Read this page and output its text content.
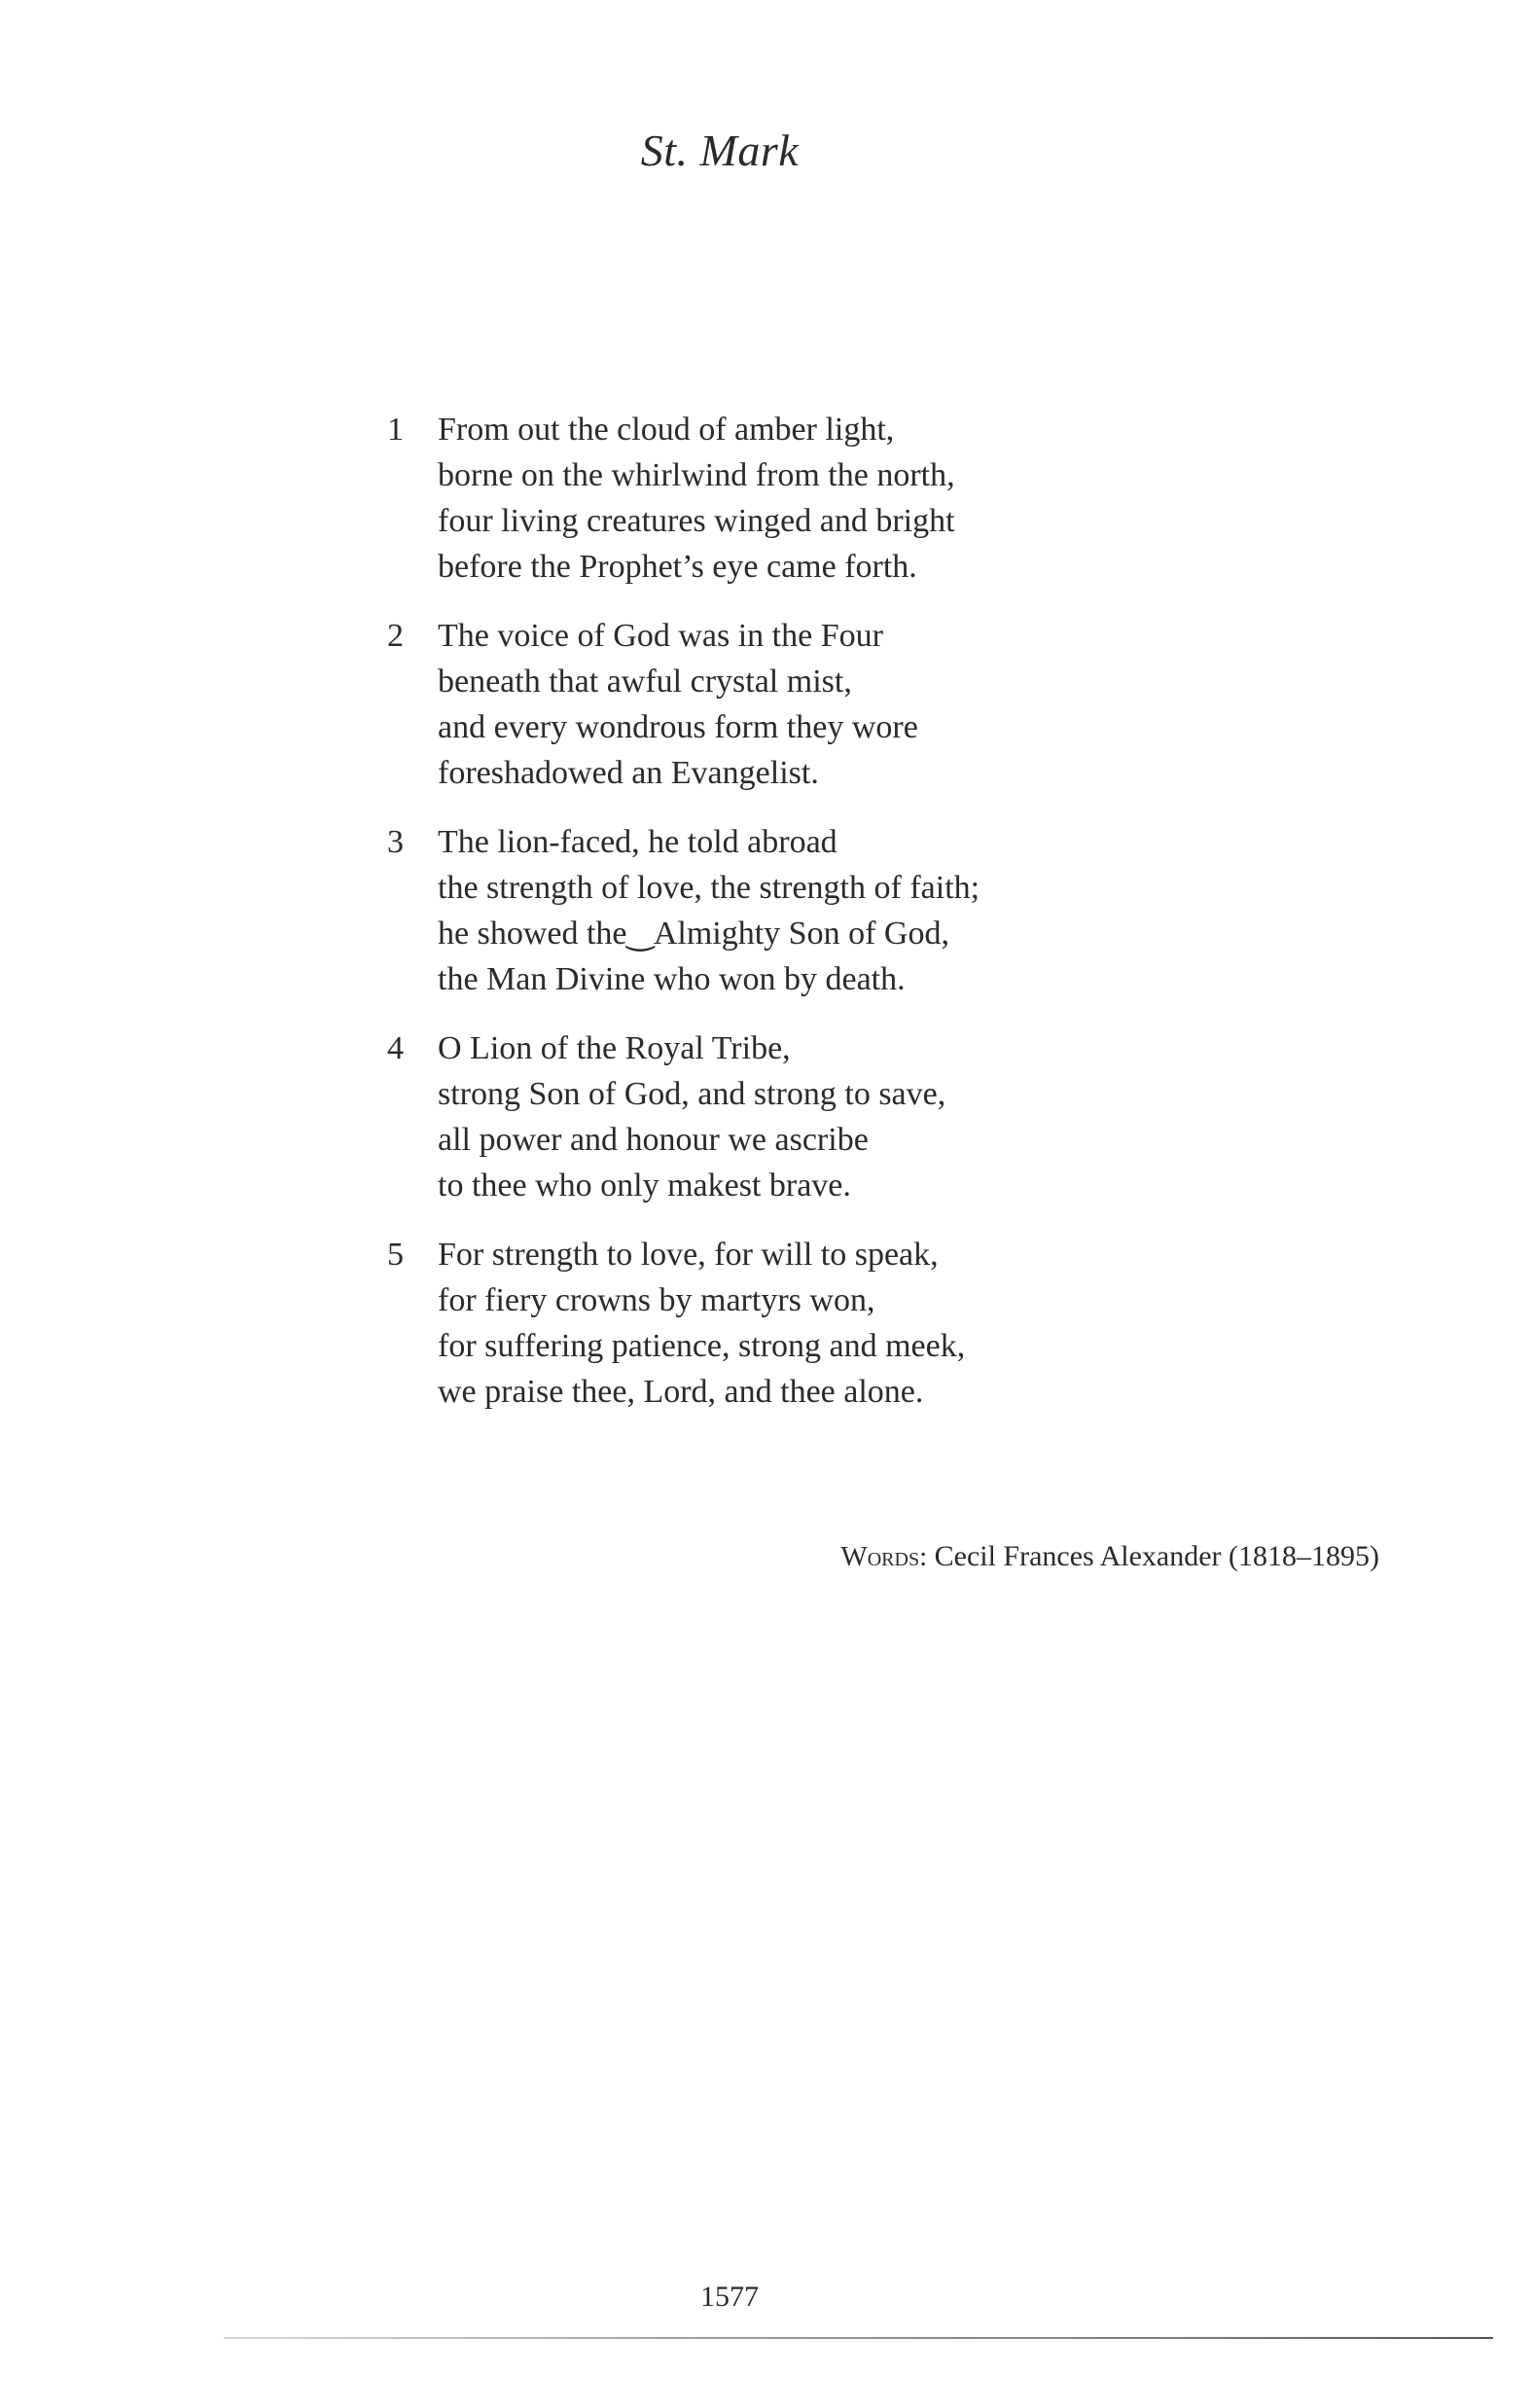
St. Mark
1 From out the cloud of amber light,
borne on the whirlwind from the north,
four living creatures winged and bright
before the Prophet’s eye came forth.
2 The voice of God was in the Four
beneath that awful crystal mist,
and every wondrous form they wore
foreshadowed an Evangelist.
3 The lion-faced, he told abroad
the strength of love, the strength of faith;
he showed the‿Almighty Son of God,
the Man Divine who won by death.
4 O Lion of the Royal Tribe,
strong Son of God, and strong to save,
all power and honour we ascribe
to thee who only makest brave.
5 For strength to love, for will to speak,
for fiery crowns by martyrs won,
for suffering patience, strong and meek,
we praise thee, Lord, and thee alone.
Words: Cecil Frances Alexander (1818–1895)
1577
